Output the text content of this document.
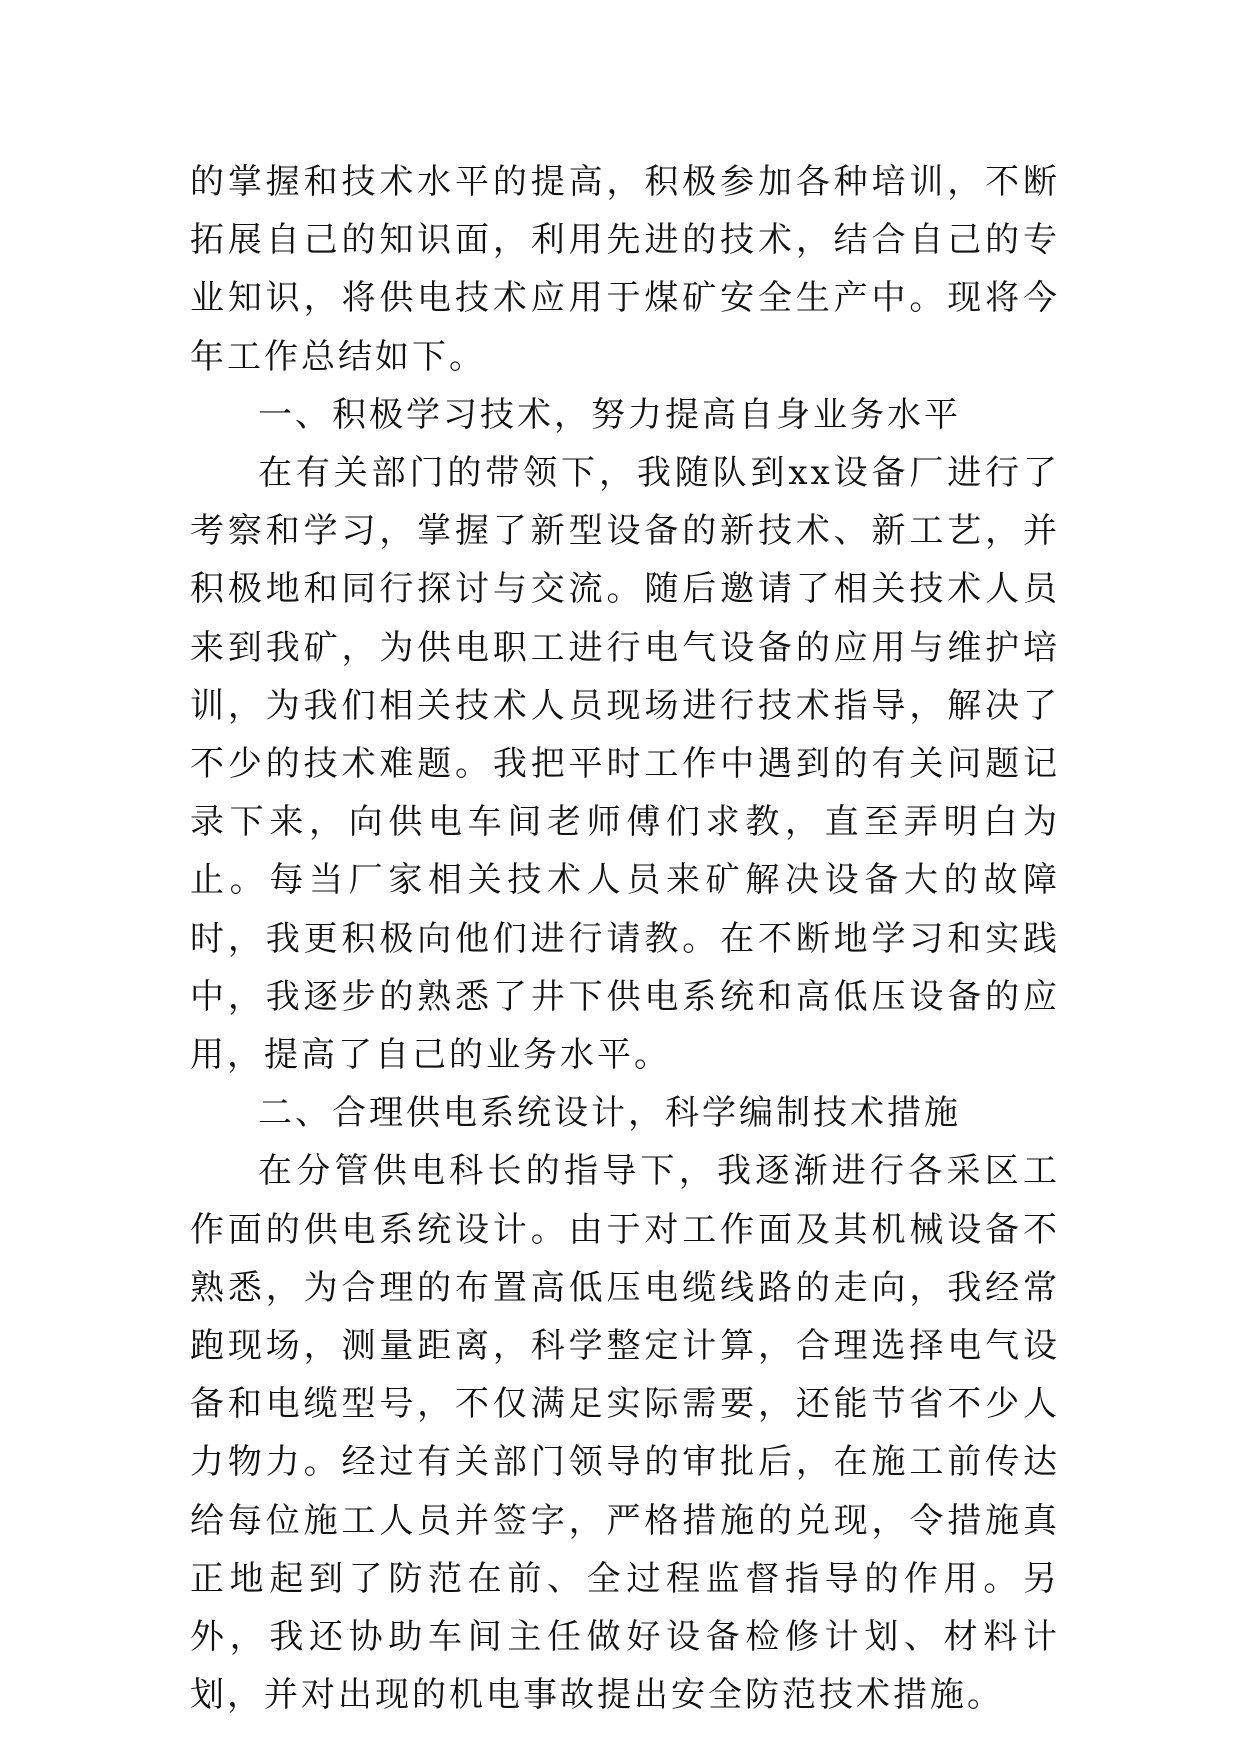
的掌握和技术水平的提高，积极参加各种培训，不断拓展自己的知识面，利用先进的技术，结合自己的专业知识，将供电技术应用于煤矿安全生产中。现将今年工作总结如下。

一、积极学习技术，努力提高自身业务水平

在有关部门的带领下，我随队到xx设备厂进行了考察和学习，掌握了新型设备的新技术、新工艺，并积极地和同行探讨与交流。随后邀请了相关技术人员来到我矿，为供电职工进行电气设备的应用与维护培训，为我们相关技术人员现场进行技术指导，解决了不少的技术难题。我把平时工作中遇到的有关问题记录下来，向供电车间老师傅们求教，直至弄明白为止。每当厂家相关技术人员来矿解决设备大的故障时，我更积极向他们进行请教。在不断地学习和实践中，我逐步的熟悉了井下供电系统和高低压设备的应用，提高了自己的业务水平。

二、合理供电系统设计，科学编制技术措施

在分管供电科长的指导下，我逐渐进行各采区工作面的供电系统设计。由于对工作面及其机械设备不熟悉，为合理的布置高低压电缆线路的走向，我经常跑现场，测量距离，科学整定计算，合理选择电气设备和电缆型号，不仅满足实际需要，还能节省不少人力物力。经过有关部门领导的审批后，在施工前传达给每位施工人员并签字，严格措施的兑现，令措施真正地起到了防范在前、全过程监督指导的作用。另外，我还协助车间主任做好设备检修计划、材料计划，并对出现的机电事故提出安全防范技术措施。
